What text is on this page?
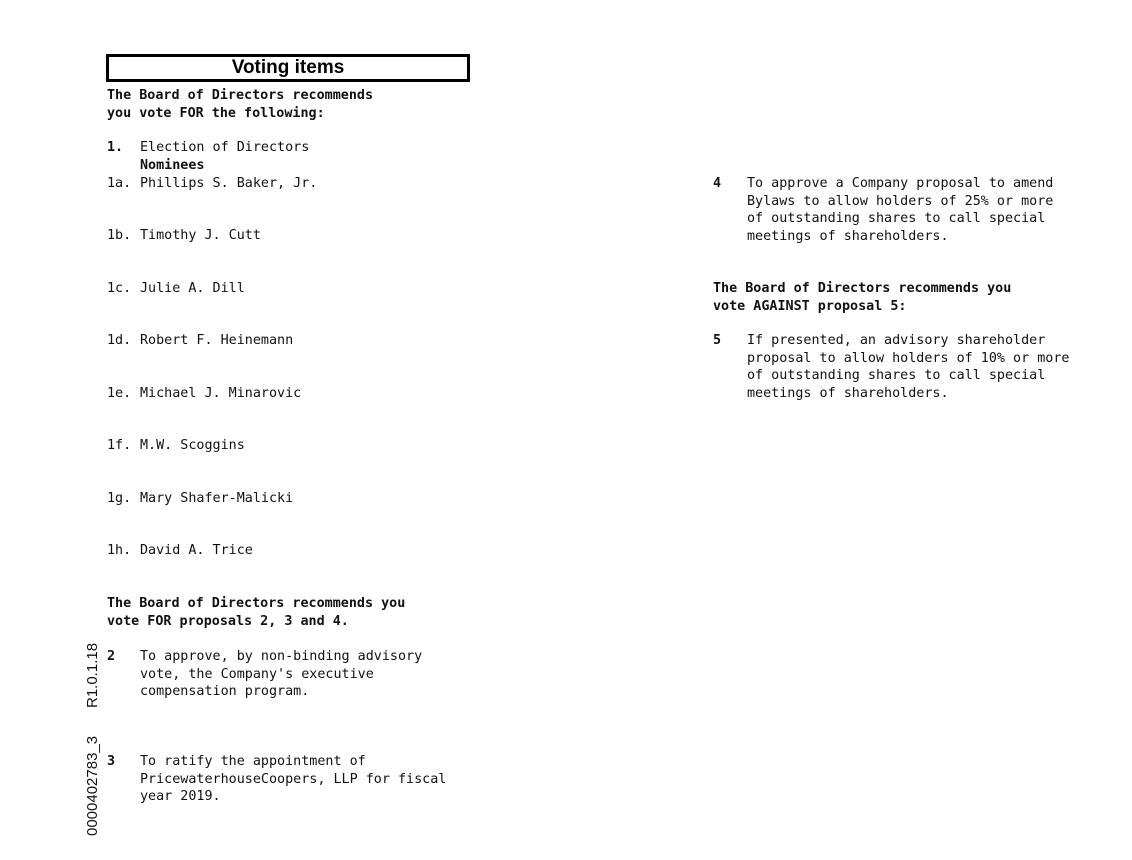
Voting items
The Board of Directors recommends
you vote FOR the following:
1. Election of Directors
Nominees
1a. Phillips S. Baker, Jr.
1b. Timothy J. Cutt
1c. Julie A. Dill
1d. Robert F. Heinemann
1e. Michael J. Minarovic
1f. M.W. Scoggins
1g. Mary Shafer-Malicki
1h. David A. Trice
The Board of Directors recommends you
vote FOR proposals 2, 3 and 4.
2 To approve, by non-binding advisory
vote, the Company's executive
compensation program.
3 To ratify the appointment of
PricewaterhouseCoopers, LLP for fiscal
year 2019.
4 To approve a Company proposal to amend
Bylaws to allow holders of 25% or more
of outstanding shares to call special
meetings of shareholders.
The Board of Directors recommends you
vote AGAINST proposal 5:
5 If presented, an advisory shareholder
proposal to allow holders of 10% or more
of outstanding shares to call special
meetings of shareholders.
R1.0.1.18
0000402783_3
